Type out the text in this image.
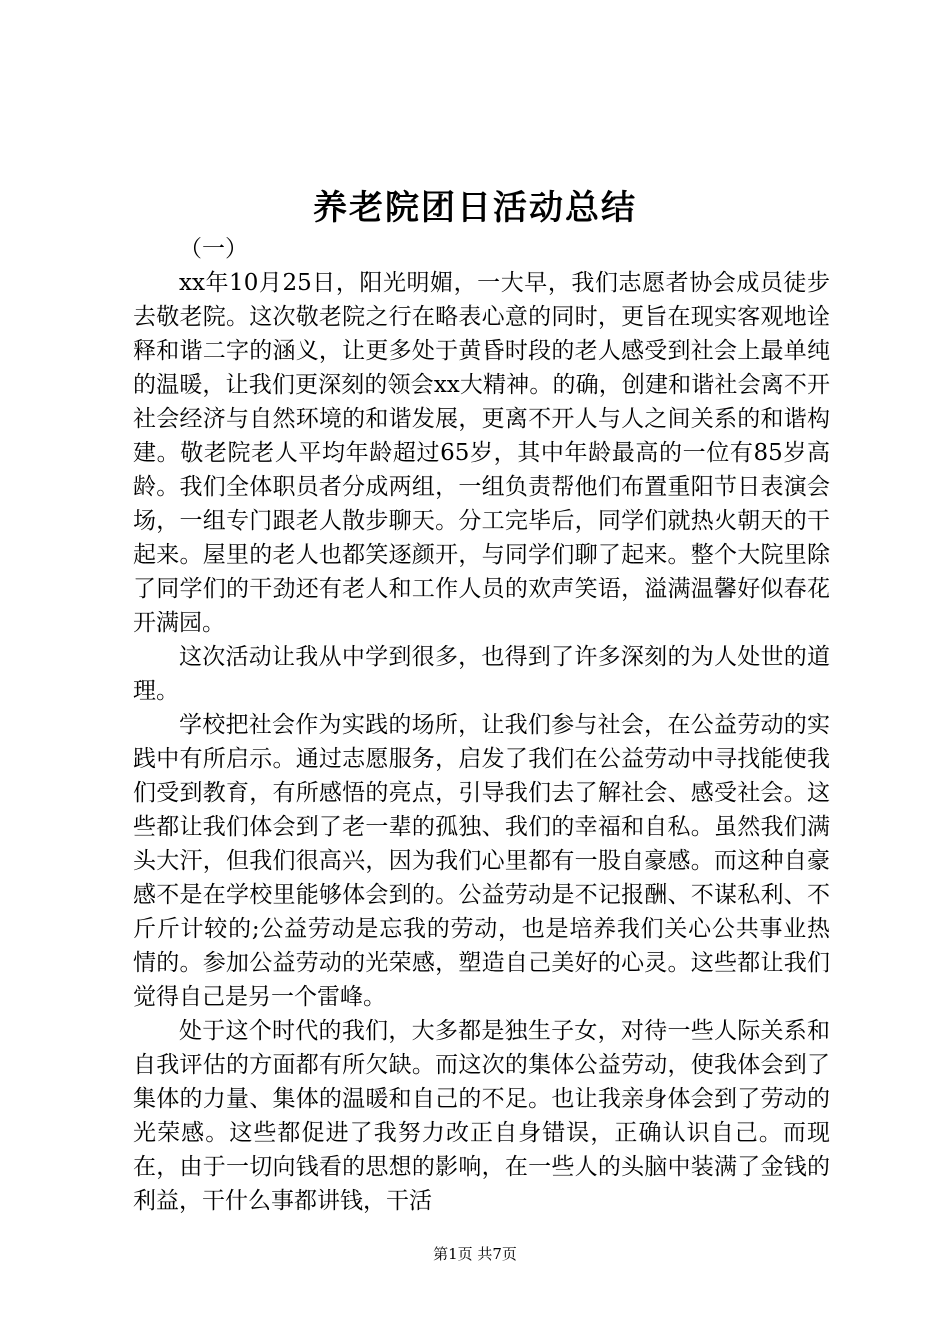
养老院团日活动总结

（一）

xx年10月25日，阳光明媚，一大早，我们志愿者协会成员徒步去敬老院。这次敬老院之行在略表心意的同时，更旨在现实客观地诠释和谐二字的涵义，让更多处于黄昏时段的老人感受到社会上最单纯的温暖，让我们更深刻的领会xx大精神。的确，创建和谐社会离不开社会经济与自然环境的和谐发展，更离不开人与人之间关系的和谐构建。敬老院老人平均年龄超过65岁，其中年龄最高的一位有85岁高龄。我们全体职员者分成两组，一组负责帮他们布置重阳节日表演会场，一组专门跟老人散步聊天。分工完毕后，同学们就热火朝天的干起来。屋里的老人也都笑逐颜开，与同学们聊了起来。整个大院里除了同学们的干劲还有老人和工作人员的欢声笑语，溢满温馨好似春花开满园。

这次活动让我从中学到很多，也得到了许多深刻的为人处世的道理。

学校把社会作为实践的场所，让我们参与社会，在公益劳动的实践中有所启示。通过志愿服务，启发了我们在公益劳动中寻找能使我们受到教育，有所感悟的亮点，引导我们去了解社会、感受社会。这些都让我们体会到了老一辈的孤独、我们的幸福和自私。虽然我们满头大汗，但我们很高兴，因为我们心里都有一股自豪感。而这种自豪感不是在学校里能够体会到的。公益劳动是不记报酬、不谋私利、不斤斤计较的;公益劳动是忘我的劳动，也是培养我们关心公共事业热情的。参加公益劳动的光荣感，塑造自己美好的心灵。这些都让我们觉得自己是另一个雷峰。

处于这个时代的我们，大多都是独生子女，对待一些人际关系和自我评估的方面都有所欠缺。而这次的集体公益劳动，使我体会到了集体的力量、集体的温暖和自己的不足。也让我亲身体会到了劳动的光荣感。这些都促进了我努力改正自身错误，正确认识自己。而现在，由于一切向钱看的思想的影响，在一些人的头脑中装满了金钱的利益，干什么事都讲钱，干活

第1页 共7页
